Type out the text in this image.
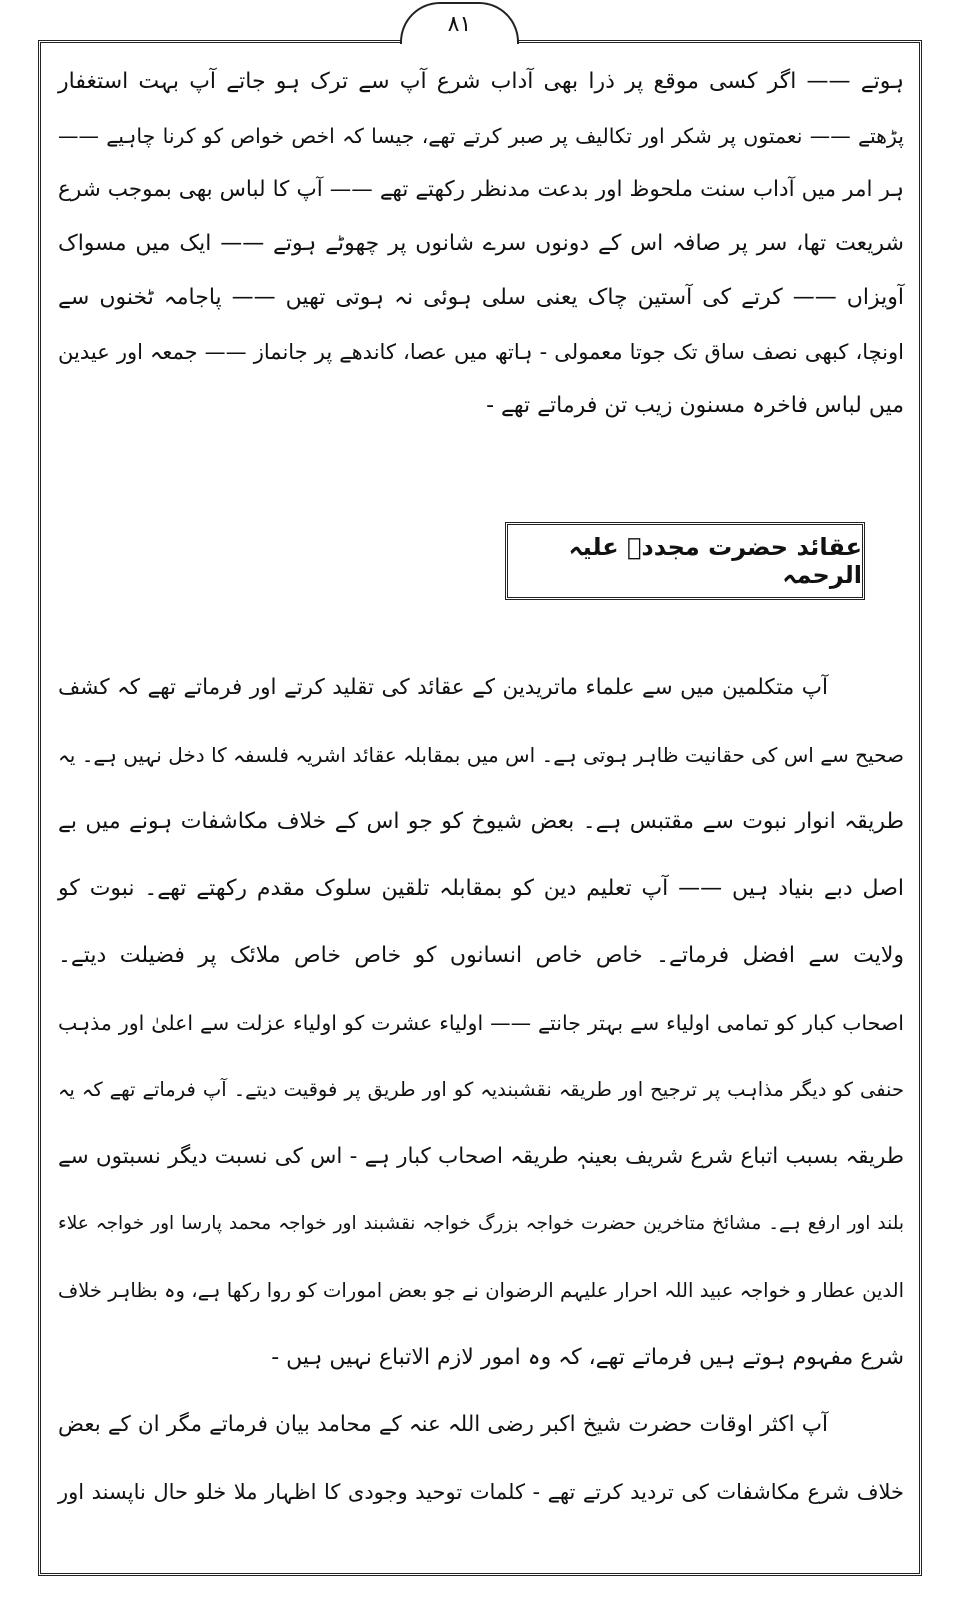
٨١
ہوتے —— اگر کسی موقع پر ذرا بھی آداب شرع آپ سے ترک ہو جاتے آپ بہت استغفار
پڑھتے —— نعمتوں پر شکر اور تکالیف پر صبر کرتے تھے، جیسا کہ اخص خواص کو کرنا چاہیے ——
ہر امر میں آداب سنت ملحوظ اور بدعت مدنظر رکھتے تھے —— آپ کا لباس بھی بموجب شرع
شریعت تھا، سر پر صافہ اس کے دونوں سرے شانوں پر چھوٹے ہوتے —— ایک میں مسواک
آویزاں —— کرتے کی آستین چاک یعنی سلی ہوئی نہ ہوتی تھیں —— پاجامہ ٹخنوں سے
اونچا، کبھی نصف ساق تک جوتا معمولی - ہاتھ میں عصا، کاندھے پر جانماز —— جمعہ اور عیدین
میں لباس فاخرہ مسنون زیب تن فرماتے تھے -
عقائد حضرت مجددؒ علیہ الرحمہ
آپ متکلمین میں سے علماء ماتریدین کے عقائد کی تقلید کرتے اور فرماتے تھے کہ کشف
صحیح سے اس کی حقانیت ظاہر ہوتی ہے۔ اس میں بمقابلہ عقائد اشریہ فلسفہ کا دخل نہیں ہے۔ یہ
طریقہ انوار نبوت سے مقتبس ہے۔ بعض شیوخ کو جو اس کے خلاف مکاشفات ہونے میں بے
اصل دبے بنیاد ہیں —— آپ تعلیم دین کو بمقابلہ تلقین سلوک مقدم رکھتے تھے۔ نبوت کو
ولایت سے افضل فرماتے۔ خاص خاص انسانوں کو خاص خاص ملائک پر فضیلت دیتے۔
اصحاب کبار کو تمامی اولیاء سے بہتر جانتے —— اولیاء عشرت کو اولیاء عزلت سے اعلیٰ اور مذہب
حنفی کو دیگر مذاہب پر ترجیح اور طریقہ نقشبندیہ کو اور طریق پر فوقیت دیتے۔ آپ فرماتے تھے کہ یہ
طریقہ بسبب اتباع شرع شریف بعینہٖ طریقہ اصحاب کبار ہے - اس کی نسبت دیگر نسبتوں سے
بلند اور ارفع ہے۔ مشائخ متاخرین حضرت خواجہ بزرگ خواجہ نقشبند اور خواجہ محمد پارسا اور خواجہ علاء
الدین عطار و خواجہ عبید اللہ احرار علیہم الرضوان نے جو بعض امورات کو روا رکھا ہے، وہ بظاہر خلاف
شرع مفہوم ہوتے ہیں فرماتے تھے، کہ وہ امور لازم الاتباع نہیں ہیں -
آپ اکثر اوقات حضرت شیخ اکبر رضی اللہ عنہ کے محامد بیان فرماتے مگر ان کے بعض
خلاف شرع مکاشفات کی تردید کرتے تھے - کلمات توحید وجودی کا اظہار ملا خلو حال ناپسند اور
